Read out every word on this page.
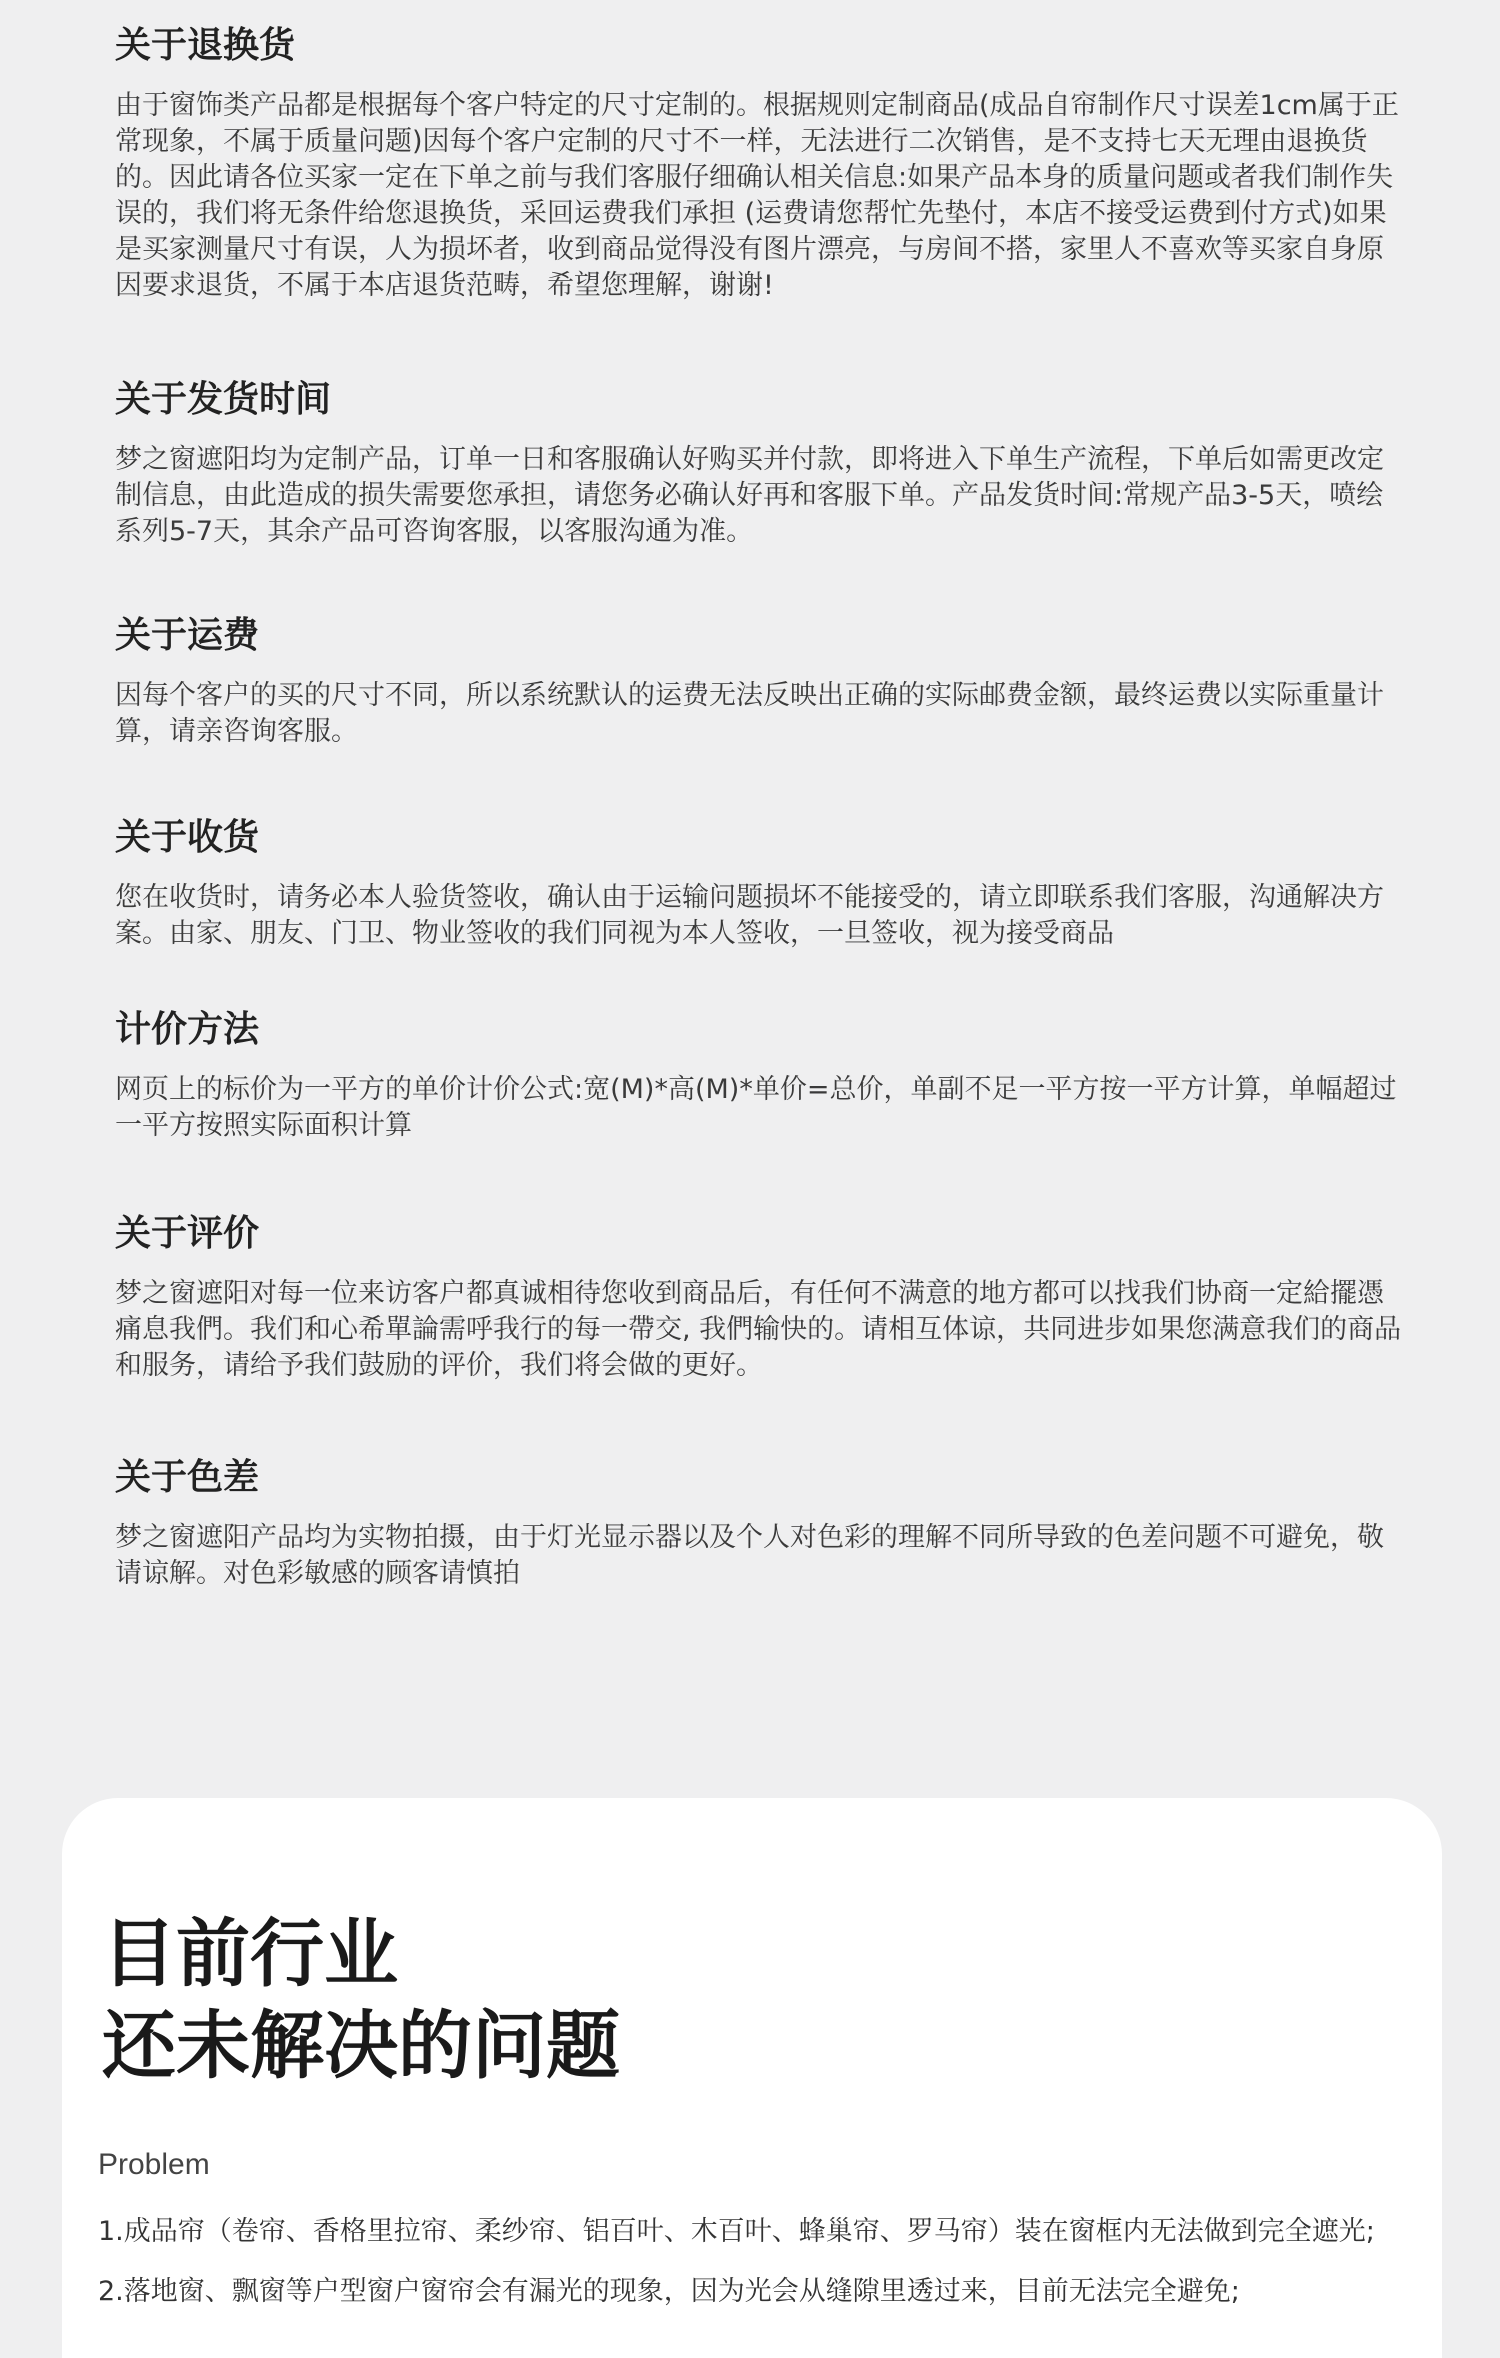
关于退换货

由于窗饰类产品都是根据每个客户特定的尺寸定制的。根据规则定制商品(成品自帘制作尺寸误差1cm属于正常现象，不属于质量问题)因每个客户定制的尺寸不一样，无法进行二次销售，是不支持七天无理由退换货的。因此请各位买家一定在下单之前与我们客服仔细确认相关信息:如果产品本身的质量问题或者我们制作失误的，我们将无条件给您退换货，采回运费我们承担 (运费请您帮忙先垫付，本店不接受运费到付方式)如果是买家测量尺寸有误，人为损坏者，收到商品觉得没有图片漂亮，与房间不搭，家里人不喜欢等买家自身原因要求退货，不属于本店退货范畴，希望您理解，谢谢!

关于发货时间

梦之窗遮阳均为定制产品，订单一日和客服确认好购买并付款，即将进入下单生产流程，下单后如需更改定制信息，由此造成的损失需要您承担，请您务必确认好再和客服下单。产品发货时间:常规产品3-5天，喷绘系列5-7天，其余产品可咨询客服，以客服沟通为准。

关于运费

因每个客户的买的尺寸不同，所以系统默认的运费无法反映出正确的实际邮费金额，最终运费以实际重量计算，请亲咨询客服。

关于收货

您在收货时，请务必本人验货签收，确认由于运输问题损坏不能接受的，请立即联系我们客服，沟通解决方案。由家、朋友、门卫、物业签收的我们同视为本人签收，一旦签收，视为接受商品

计价方法

网页上的标价为一平方的单价计价公式:宽(M)*高(M)*单价=总价，单副不足一平方按一平方计算，单幅超过一平方按照实际面积计算

关于评价

梦之窗遮阳对每一位来访客户都真诚相待您收到商品后，有任何不满意的地方都可以找我们协商一定給擺憑痛息我們。我们和心希單論需呼我行的每一帶交, 我們输快的。请相互体谅，共同进步如果您满意我们的商品和服务，请给予我们鼓励的评价，我们将会做的更好。

关于色差

梦之窗遮阳产品均为实物拍摄，由于灯光显示器以及个人对色彩的理解不同所导致的色差问题不可避免，敬请谅解。对色彩敏感的顾客请慎拍

目前行业
还未解决的问题
Problem
1.成品帘（卷帘、香格里拉帘、柔纱帘、铝百叶、木百叶、蜂巢帘、罗马帘）装在窗框内无法做到完全遮光;
2.落地窗、飘窗等户型窗户窗帘会有漏光的现象，因为光会从缝隙里透过来，目前无法完全避免;
